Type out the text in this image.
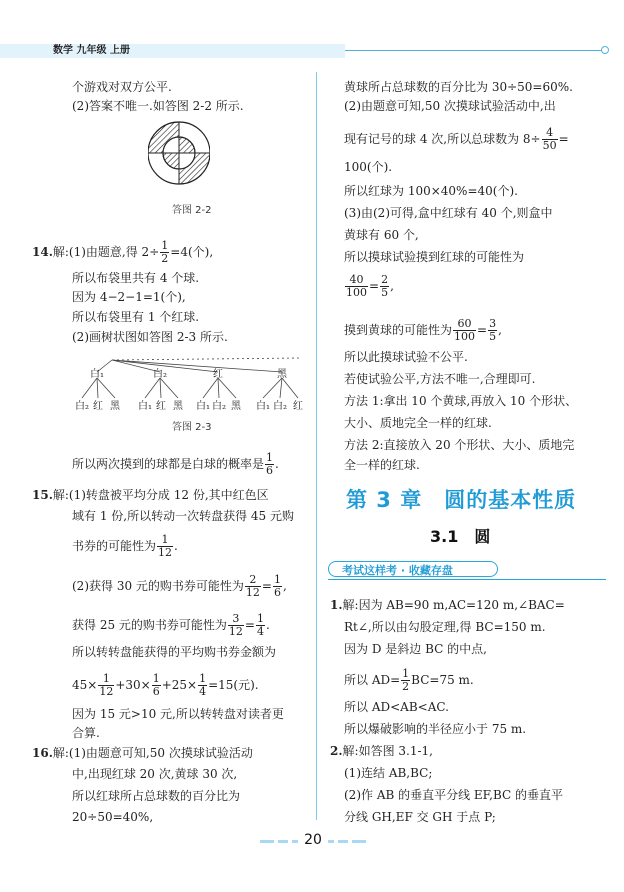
数学 九年级 上册
个游戏对双方公平.
(2)答案不唯一.如答图 2-2 所示.
答图 2-2
14.解:(1)由题意,得 $2\div \frac{1}{2} =4$(个),
所以布袋里共有 4 个球.
因为 4−2−1=1(个),
所以布袋里有 1 个红球.
(2)画树状图如答图 2-3 所示.
白₁	白₂	红	黑
白₂ 红 黑 白₁ 红 黑 白₁ 白₂ 黑 白₁ 白₂ 红
答图 2-3
所以两次摸到的球都是白球的概率是 $\frac{1}{6}$ .
15.解:(1)转盘被平均分成 12 份,其中红色区
域有 1 份,所以转动一次转盘获得 45 元购
书券的可能性为 $\frac{1}{12}$ .
(2)获得 30 元的购书券可能性为 $\frac{2}{12} = \frac{1}{6}$ ,
获得 25 元的购书券可能性为 $\frac{3}{12} = \frac{1}{4}$ .
所以转转盘能获得的平均购书券金额为
$45\times \frac{1}{12} +30\times \frac{1}{6} +25\times \frac{1}{4} =15$(元).
因为 15 元>10 元,所以转转盘对读者更
合算.
16.解:(1)由题意可知,50 次摸球试验活动
中,出现红球 20 次,黄球 30 次,
所以红球所占总球数的百分比为
20÷50=40%,
黄球所占总球数的百分比为 30÷50=60%.
(2)由题意可知,50 次摸球试验活动中,出
现有记号的球 4 次,所以总球数为 $8\div \frac{4}{50}$ =
100(个).
所以红球为 100×40%=40(个).
(3)由(2)可得,盒中红球有 40 个,则盒中
黄球有 60 个,
所以摸球试验摸到红球的可能性为
$\frac{40}{100} = \frac{2}{5}$ ,
摸到黄球的可能性为 $\frac{60}{100} = \frac{3}{5}$ ,
所以此摸球试验不公平.
若使试验公平,方法不唯一,合理即可.
方法 1:拿出 10 个黄球,再放入 10 个形状、
大小、质地完全一样的红球.
方法 2:直接放入 20 个形状、大小、质地完
全一样的红球.
第 3 章　圆的基本性质
3.1　圆
考试这样考 · 收藏存盘
1.解:因为 AB=90 m,AC=120 m,∠BAC=
Rt∠,所以由勾股定理,得 BC=150 m.
因为 D 是斜边 BC 的中点,
所以 $AD= \frac{1}{2} BC=75$ m.
所以 AD<AB<AC.
所以爆破影响的半径应小于 75 m.
2.解:如答图 3.1-1,
(1)连结 AB,BC;
(2)作 AB 的垂直平分线 EF,BC 的垂直平
分线 GH,EF 交 GH 于点 P;
20
